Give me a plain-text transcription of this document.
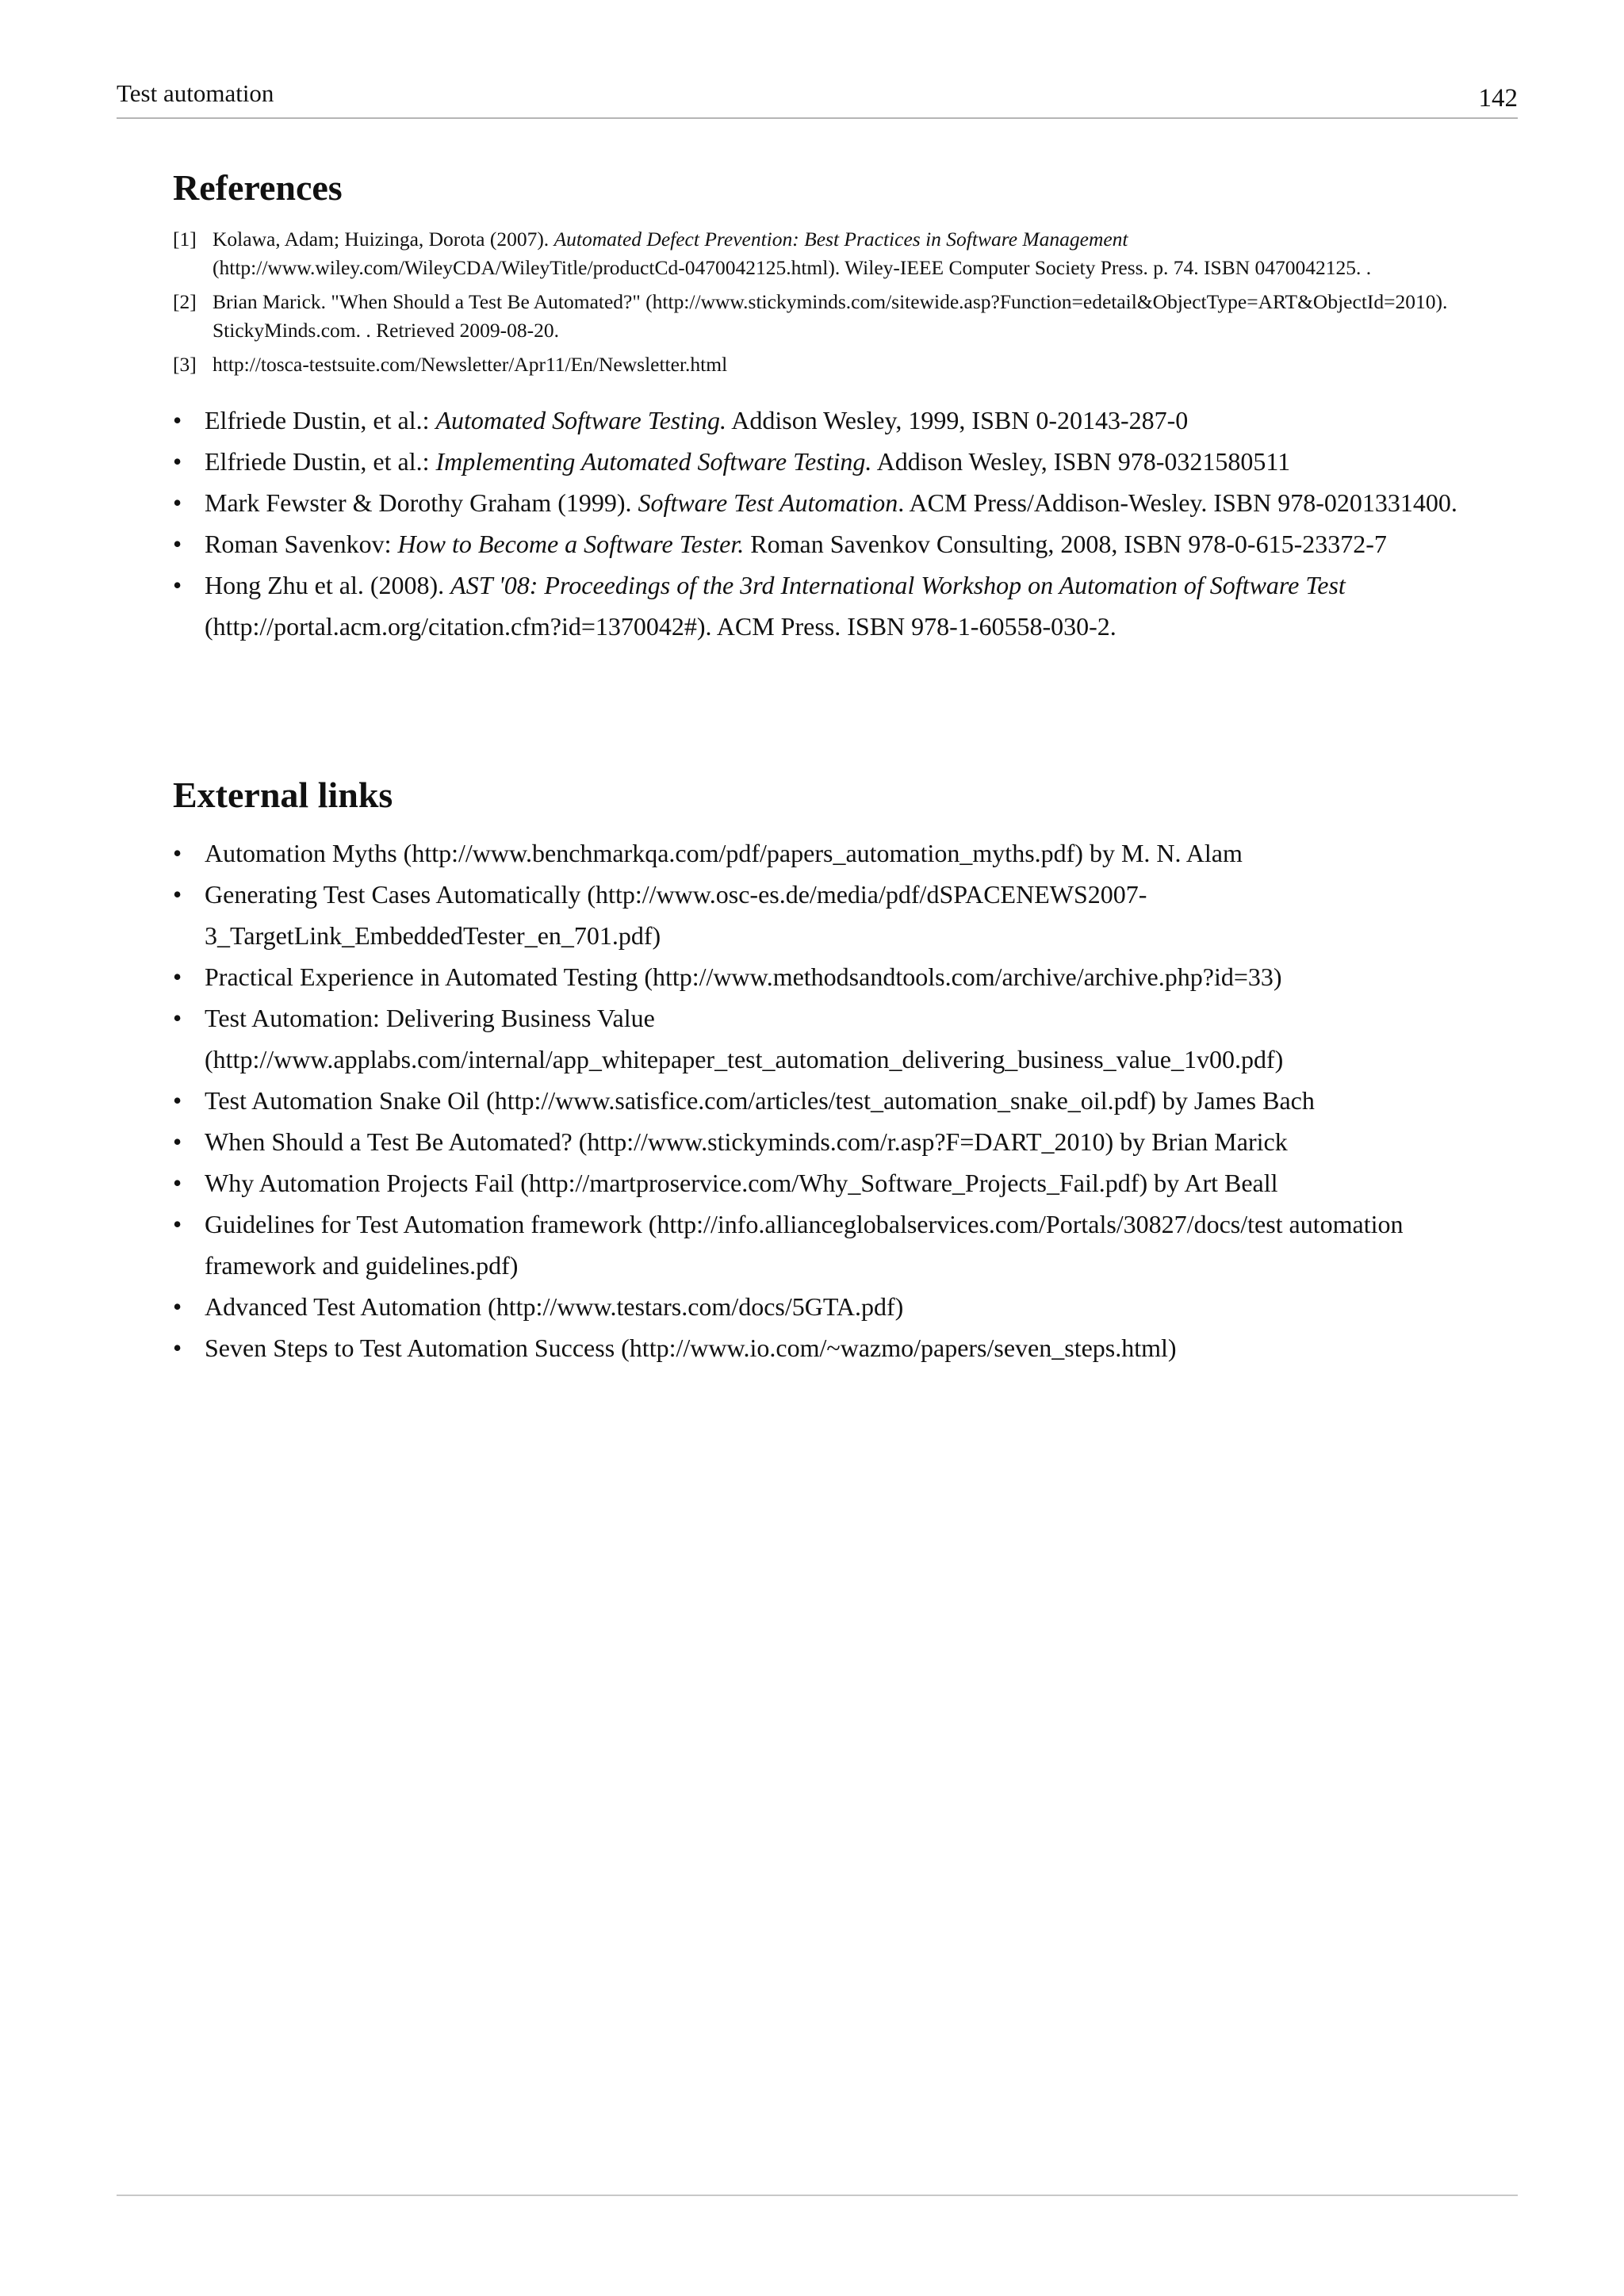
Test automation	142
References
[1] Kolawa, Adam; Huizinga, Dorota (2007). Automated Defect Prevention: Best Practices in Software Management (http://www.wiley.com/WileyCDA/WileyTitle/productCd-0470042125.html). Wiley-IEEE Computer Society Press. p. 74. ISBN 0470042125. .
[2] Brian Marick. "When Should a Test Be Automated?" (http://www.stickyminds.com/sitewide.asp?Function=edetail&ObjectType=ART&ObjectId=2010). StickyMinds.com. . Retrieved 2009-08-20.
[3] http://tosca-testsuite.com/Newsletter/Apr11/En/Newsletter.html
• Elfriede Dustin, et al.: Automated Software Testing. Addison Wesley, 1999, ISBN 0-20143-287-0
• Elfriede Dustin, et al.: Implementing Automated Software Testing. Addison Wesley, ISBN 978-0321580511
• Mark Fewster & Dorothy Graham (1999). Software Test Automation. ACM Press/Addison-Wesley. ISBN 978-0201331400.
• Roman Savenkov: How to Become a Software Tester. Roman Savenkov Consulting, 2008, ISBN 978-0-615-23372-7
• Hong Zhu et al. (2008). AST '08: Proceedings of the 3rd International Workshop on Automation of Software Test (http://portal.acm.org/citation.cfm?id=1370042#). ACM Press. ISBN 978-1-60558-030-2.
External links
• Automation Myths (http://www.benchmarkqa.com/pdf/papers_automation_myths.pdf) by M. N. Alam
• Generating Test Cases Automatically (http://www.osc-es.de/media/pdf/dSPACENEWS2007-3_TargetLink_EmbeddedTester_en_701.pdf)
• Practical Experience in Automated Testing (http://www.methodsandtools.com/archive/archive.php?id=33)
• Test Automation: Delivering Business Value (http://www.applabs.com/internal/app_whitepaper_test_automation_delivering_business_value_1v00.pdf)
• Test Automation Snake Oil (http://www.satisfice.com/articles/test_automation_snake_oil.pdf) by James Bach
• When Should a Test Be Automated? (http://www.stickyminds.com/r.asp?F=DART_2010) by Brian Marick
• Why Automation Projects Fail (http://martproservice.com/Why_Software_Projects_Fail.pdf) by Art Beall
• Guidelines for Test Automation framework (http://info.allianceglobalservices.com/Portals/30827/docs/test automation framework and guidelines.pdf)
• Advanced Test Automation (http://www.testars.com/docs/5GTA.pdf)
• Seven Steps to Test Automation Success (http://www.io.com/~wazmo/papers/seven_steps.html)
